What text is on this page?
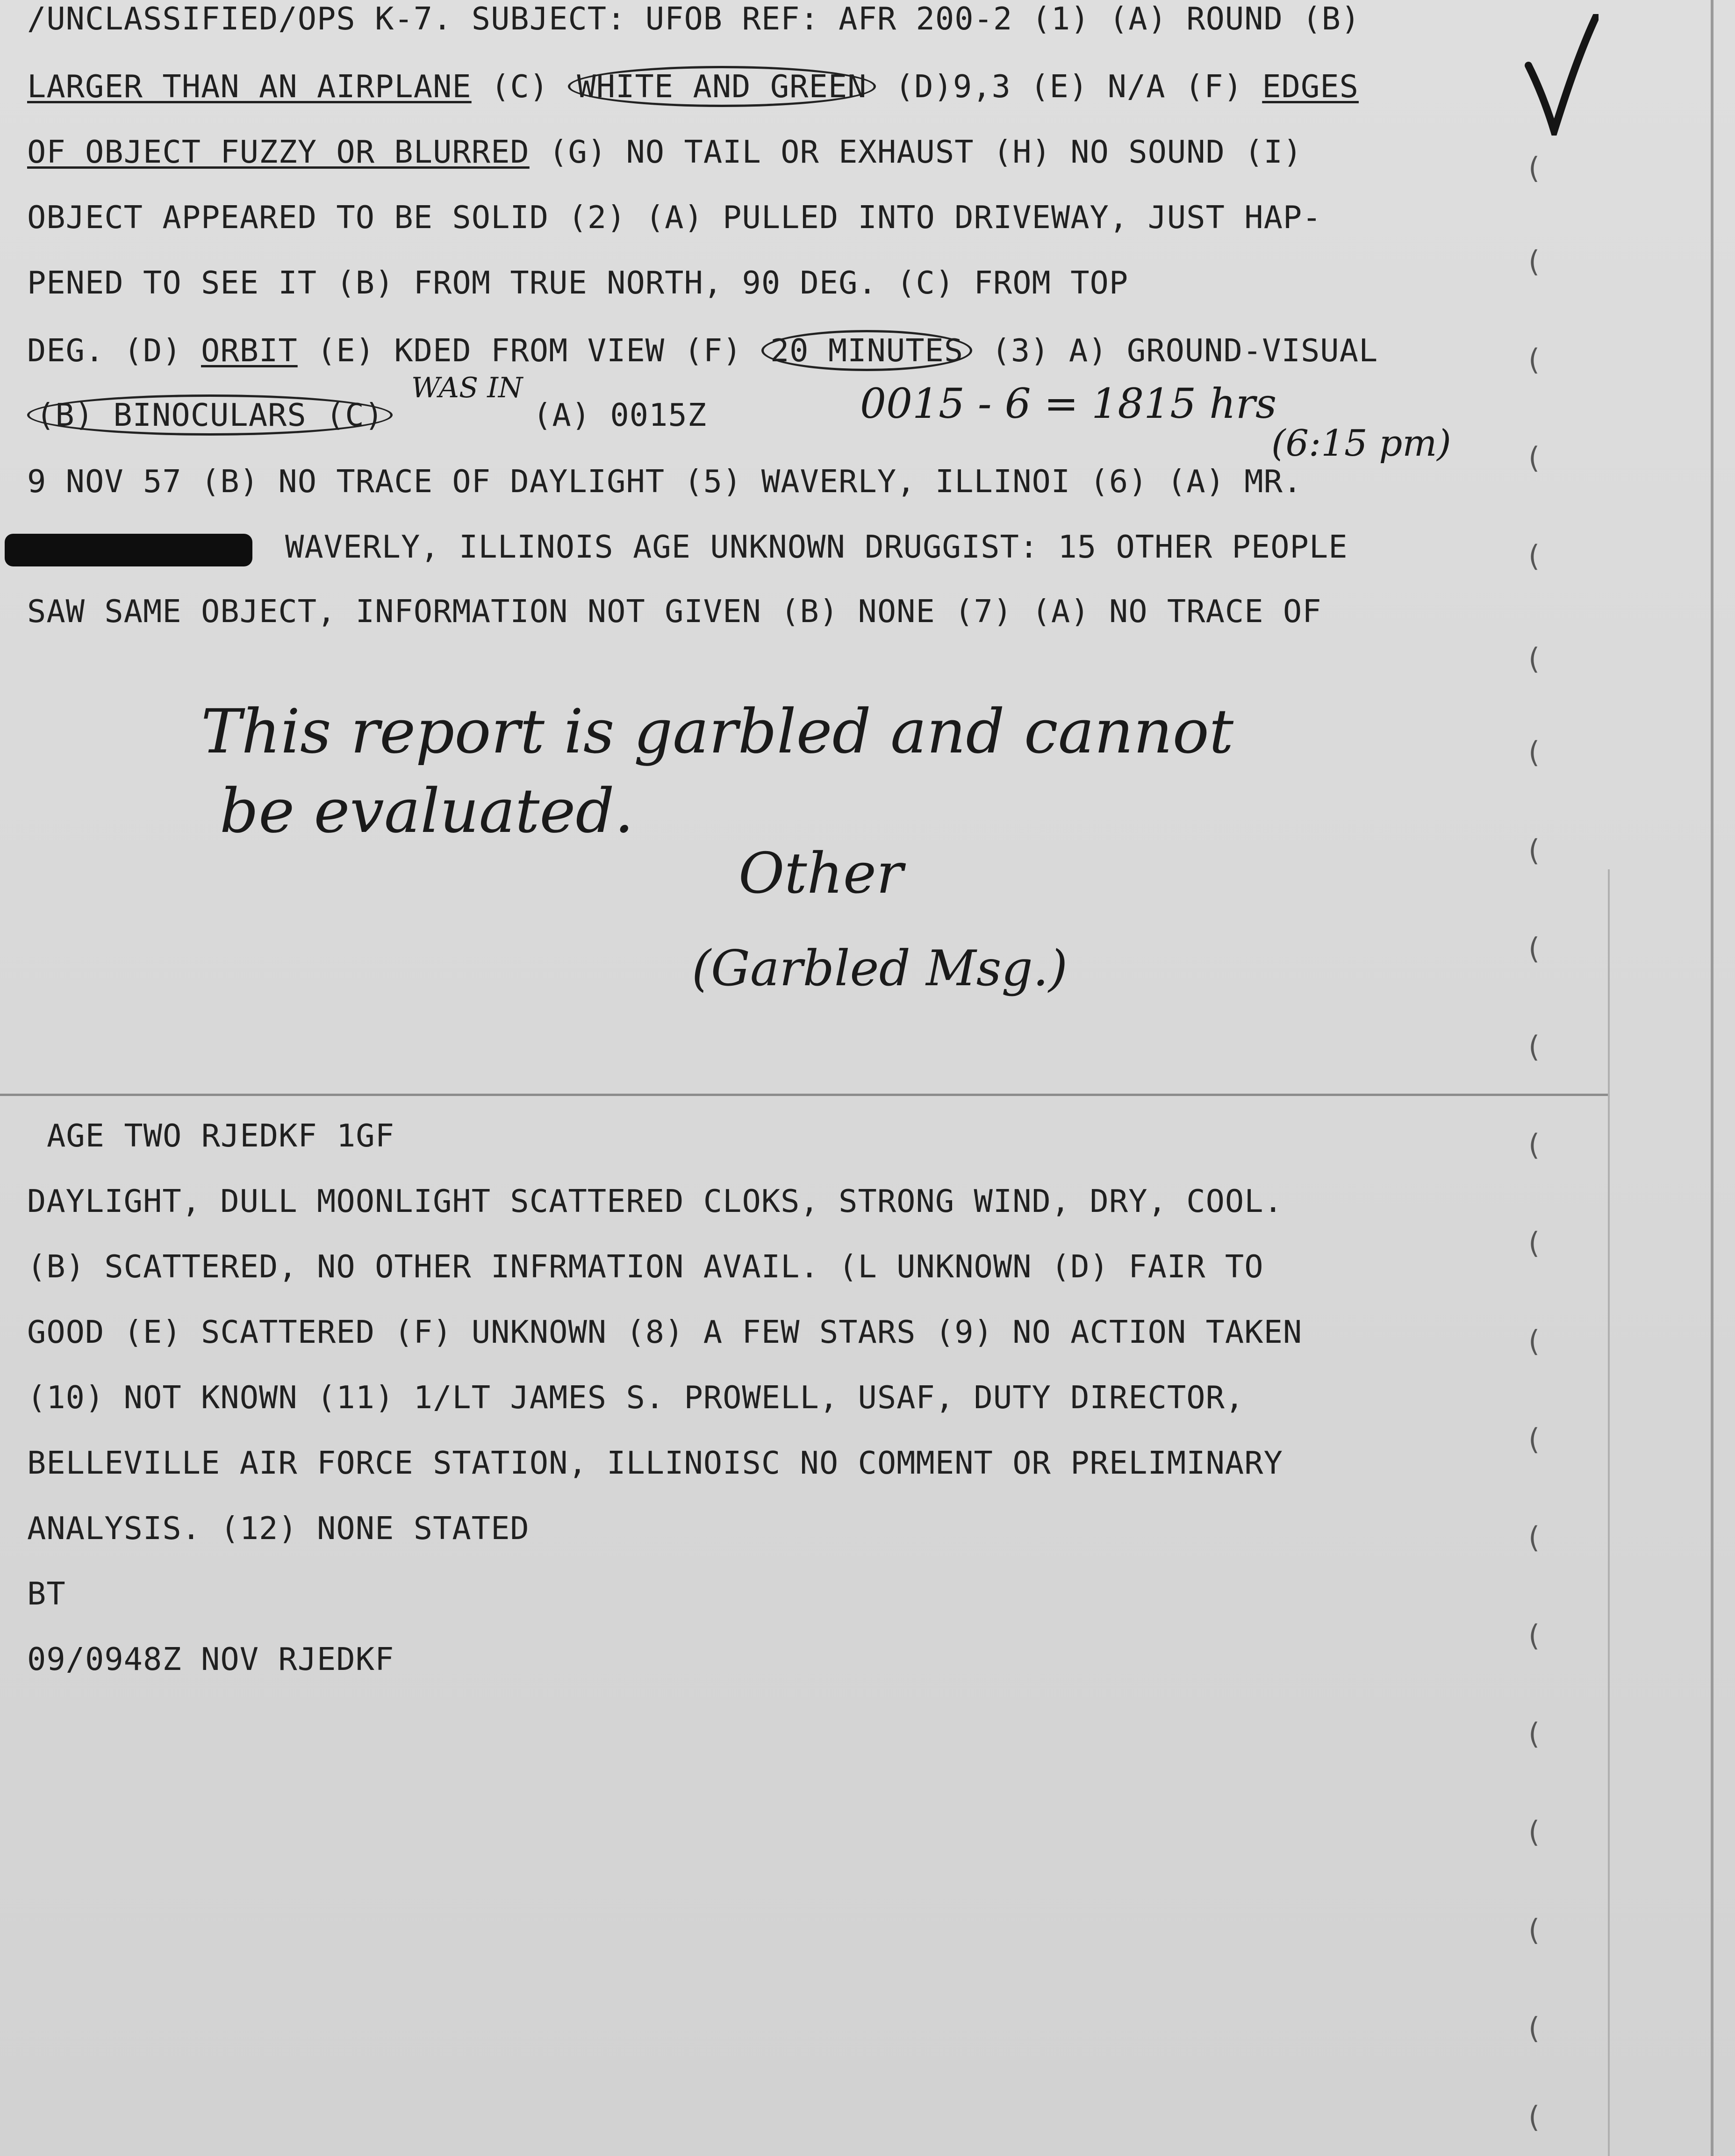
(
(
(
(
(
(
(
(
(
(
(
(
(
(
(
(
(
(
(
(
(
/UNCLASSIFIED/OPS K-7. SUBJECT: UFOB REF: AFR 200-2 (1) (A) ROUND (B)
LARGER THAN AN AIRPLANE (C) WHITE AND GREEN (D)9,3 (E) N/A (F) EDGES
OF OBJECT FUZZY OR BLURRED (G) NO TAIL OR EXHAUST (H) NO SOUND (I)
OBJECT APPEARED TO BE SOLID (2) (A) PULLED INTO DRIVEWAY, JUST HAP-
PENED TO SEE IT (B) FROM TRUE NORTH, 90 DEG. (C) FROM TOP
DEG. (D) ORBIT (E) KDED FROM VIEW (F) 20 MINUTES (3) A) GROUND-VISUAL
(B) BINOCULARS (C)	(A) 0015Z
9 NOV 57 (B) NO TRACE OF DAYLIGHT (5) WAVERLY, ILLINOI (6) (A) MR.
WAVERLY, ILLINOIS AGE UNKNOWN DRUGGIST: 15 OTHER PEOPLE
SAW SAME OBJECT, INFORMATION NOT GIVEN (B) NONE (7) (A) NO TRACE OF
WAS IN	0015 - 6 = 1815 hrs
(6:15 pm)
This report is garbled and cannot
be evaluated.
Other
(Garbled Msg.)
AGE TWO RJEDKF 1GF
DAYLIGHT, DULL MOONLIGHT SCATTERED CLOKS, STRONG WIND, DRY, COOL.
(B) SCATTERED, NO OTHER INFRMATION AVAIL. (L UNKNOWN (D) FAIR TO
GOOD (E) SCATTERED (F) UNKNOWN (8) A FEW STARS (9) NO ACTION TAKEN
(10) NOT KNOWN (11) 1/LT JAMES S. PROWELL, USAF, DUTY DIRECTOR,
BELLEVILLE AIR FORCE STATION, ILLINOISC NO COMMENT OR PRELIMINARY
ANALYSIS. (12) NONE STATED
BT
09/0948Z NOV RJEDKF
